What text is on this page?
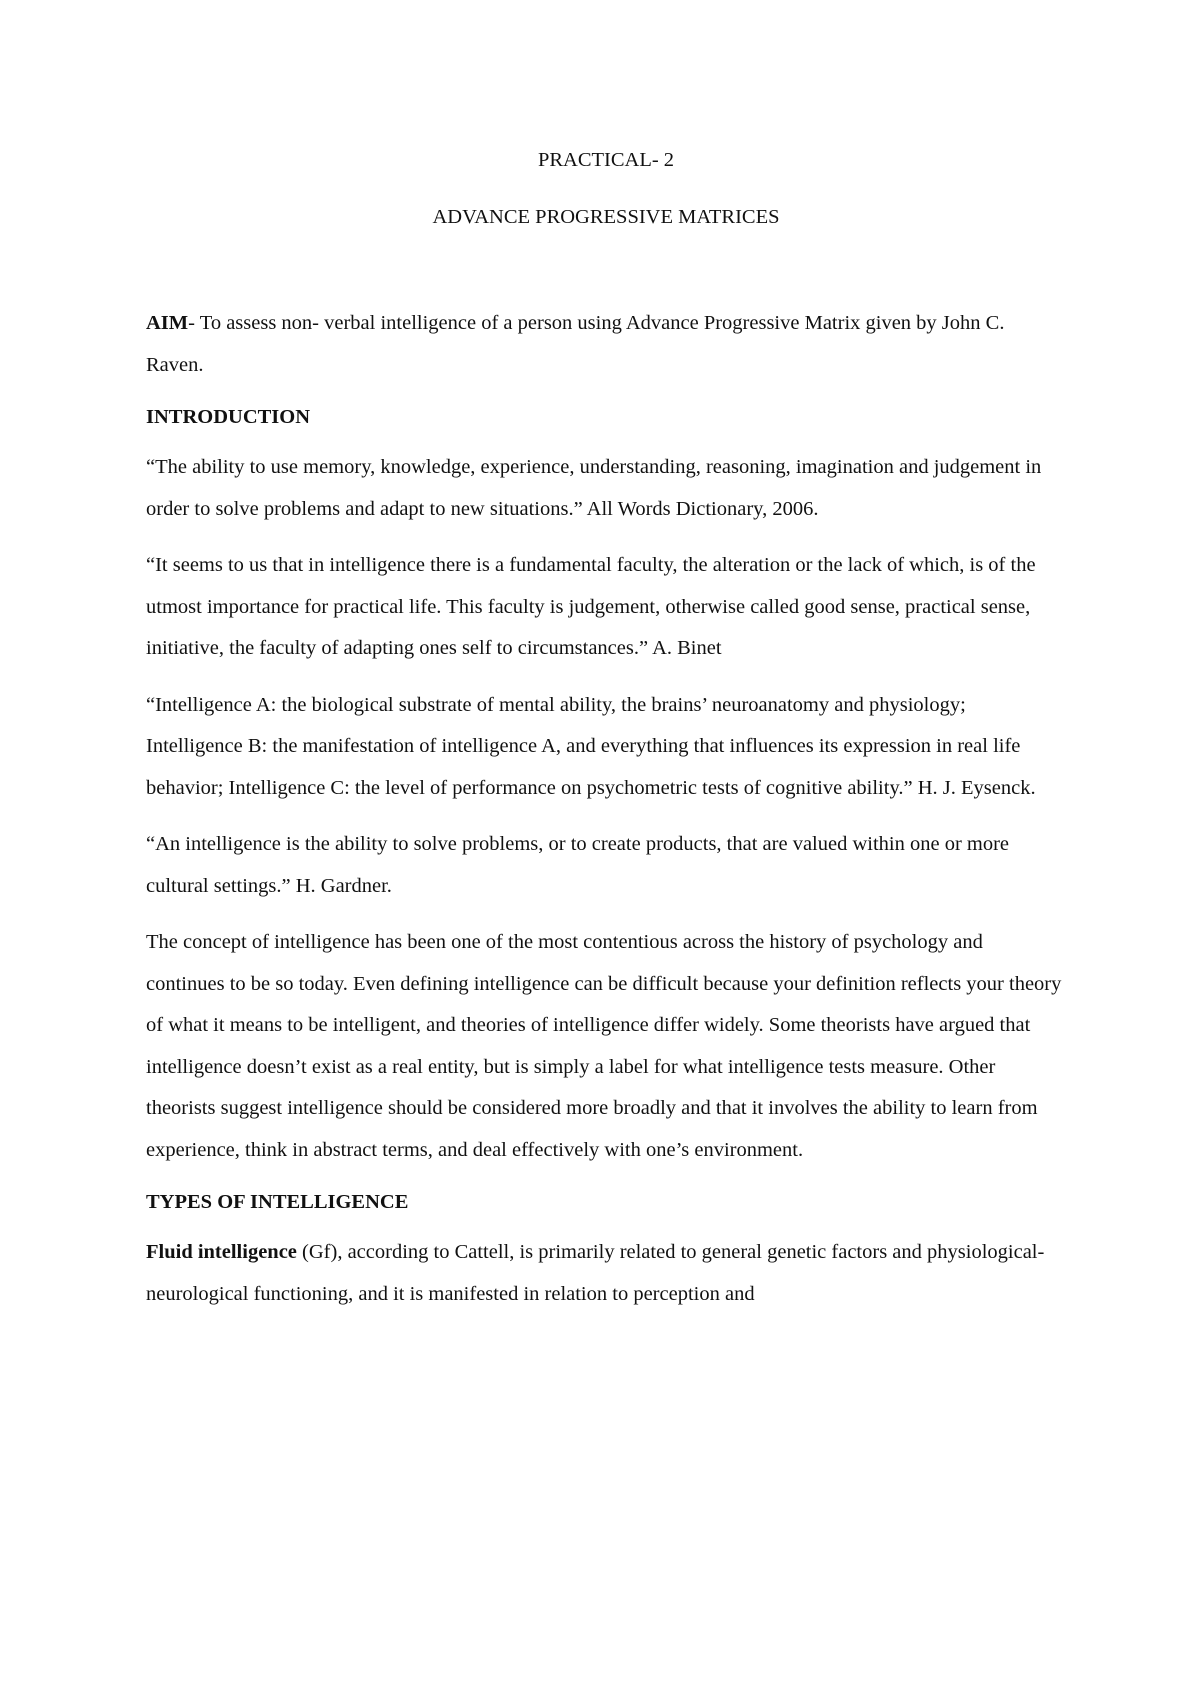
PRACTICAL- 2
ADVANCE PROGRESSIVE MATRICES

AIM- To assess non- verbal intelligence of a person using Advance Progressive Matrix given by John C. Raven.

INTRODUCTION

“The ability to use memory, knowledge, experience, understanding, reasoning, imagination and judgement in order to solve problems and adapt to new situations.” All Words Dictionary, 2006.

“It seems to us that in intelligence there is a fundamental faculty, the alteration or the lack of which, is of the utmost importance for practical life. This faculty is judgement, otherwise called good sense, practical sense, initiative, the faculty of adapting ones self to circumstances.” A. Binet

“Intelligence A: the biological substrate of mental ability, the brains’ neuroanatomy and physiology; Intelligence B: the manifestation of intelligence A, and everything that influences its expression in real life behavior; Intelligence C: the level of performance on psychometric tests of cognitive ability.” H. J. Eysenck.

“An intelligence is the ability to solve problems, or to create products, that are valued within one or more cultural settings.” H. Gardner.

The concept of intelligence has been one of the most contentious across the history of psychology and continues to be so today. Even defining intelligence can be difficult because your definition reflects your theory of what it means to be intelligent, and theories of intelligence differ widely. Some theorists have argued that intelligence doesn’t exist as a real entity, but is simply a label for what intelligence tests measure. Other theorists suggest intelligence should be considered more broadly and that it involves the ability to learn from experience, think in abstract terms, and deal effectively with one’s environment.

TYPES OF INTELLIGENCE

Fluid intelligence (Gf), according to Cattell, is primarily related to general genetic factors and physiological-neurological functioning, and it is manifested in relation to perception and
